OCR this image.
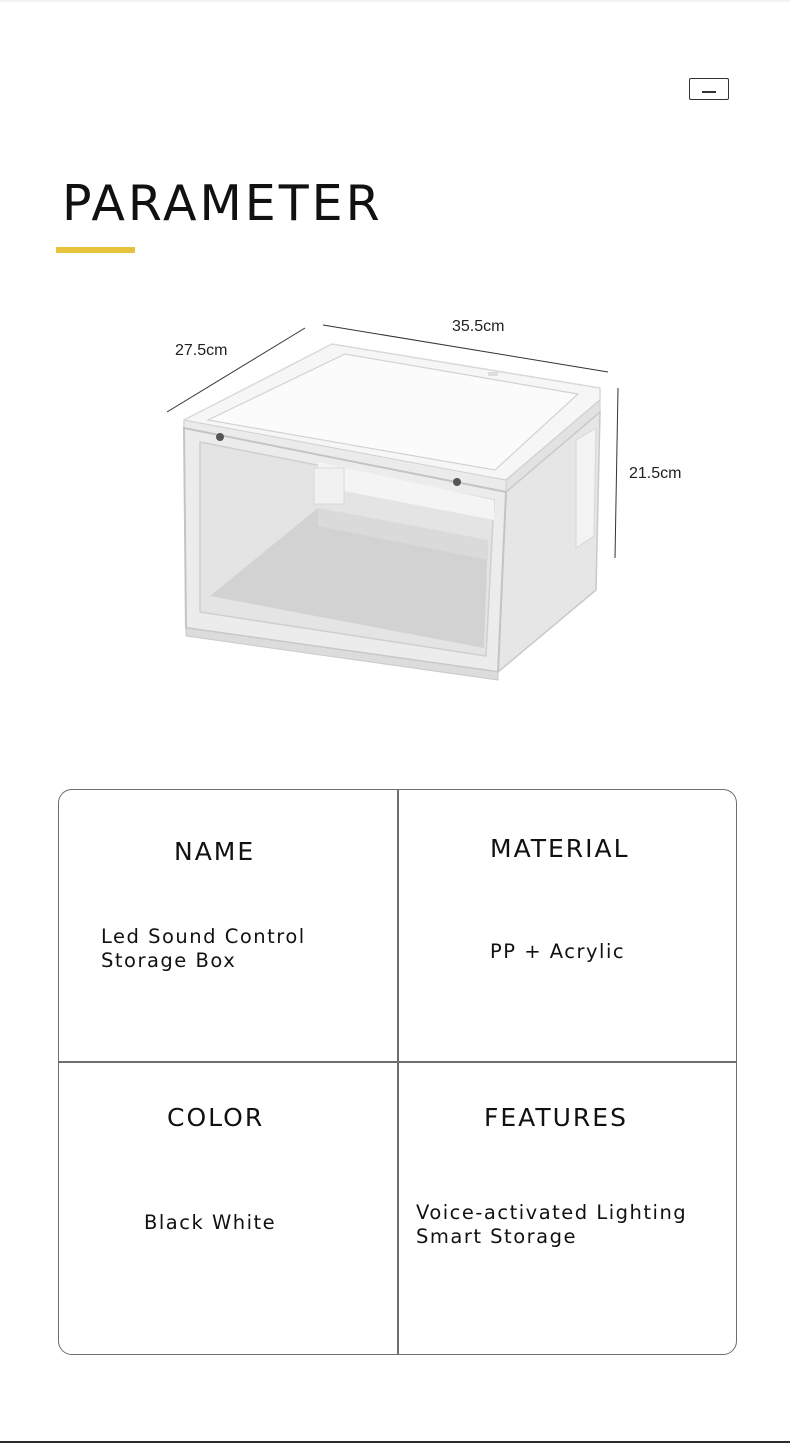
PARAMETER
27.5cm
35.5cm
21.5cm
NAME
Led Sound Control
Storage Box
MATERIAL
PP + Acrylic
COLOR
Black White
FEATURES
Voice-activated Lighting
Smart Storage
